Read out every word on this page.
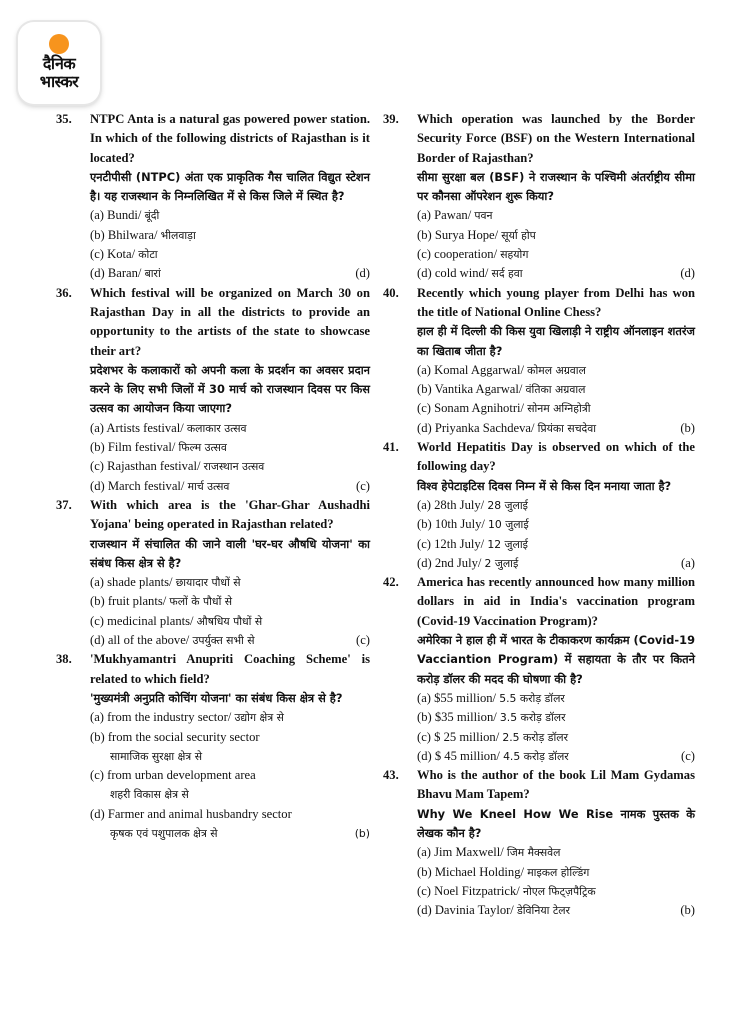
दैनिक
भास्कर
35. NTPC Anta is a natural gas powered power station. In which of the following districts of Rajasthan is it located?
एनटीपीसी (NTPC) अंता एक प्राकृतिक गैस चालित विद्युत स्टेशन है। यह राजस्थान के निम्नलिखित में से किस जिले में स्थित है?
(a) Bundi/ बूंदी
(b) Bhilwara/ भीलवाड़ा
(c) Kota/ कोटा
(d) Baran/ बारां	(d)
36. Which festival will be organized on March 30 on Rajasthan Day in all the districts to provide an opportunity to the artists of the state to showcase their art?
प्रदेशभर के कलाकारों को अपनी कला के प्रदर्शन का अवसर प्रदान करने के लिए सभी जिलों में 30 मार्च को राजस्थान दिवस पर किस उत्सव का आयोजन किया जाएगा?
(a) Artists festival/ कलाकार उत्सव
(b) Film festival/ फिल्म उत्सव
(c) Rajasthan festival/ राजस्थान उत्सव
(d) March festival/ मार्च उत्सव	(c)
37. With which area is the 'Ghar-Ghar Aushadhi Yojana' being operated in Rajasthan related?
राजस्थान में संचालित की जाने वाली 'घर-घर औषधि योजना' का संबंध किस क्षेत्र से है?
(a) shade plants/ छायादार पौधों से
(b) fruit plants/ फलों के पौधों से
(c) medicinal plants/ औषधिय पौधों से
(d) all of the above/ उपर्युक्त सभी से	(c)
38. 'Mukhyamantri Anupriti Coaching Scheme' is related to which field?
'मुख्यमंत्री अनुप्रति कोचिंग योजना' का संबंध किस क्षेत्र से है?
(a) from the industry sector/ उद्योग क्षेत्र से
(b) from the social security sector
सामाजिक सुरक्षा क्षेत्र से
(c) from urban development area
शहरी विकास क्षेत्र से
(d) Farmer and animal husbandry sector
कृषक एवं पशुपालक क्षेत्र से	(b)
39. Which operation was launched by the Border Security Force (BSF) on the Western International Border of Rajasthan?
सीमा सुरक्षा बल (BSF) ने राजस्थान के पश्चिमी अंतर्राष्ट्रीय सीमा पर कौनसा ऑपरेशन शुरू किया?
(a) Pawan/ पवन
(b) Surya Hope/ सूर्या होप
(c) cooperation/ सहयोग
(d) cold wind/ सर्द हवा	(d)
40. Recently which young player from Delhi has won the title of National Online Chess?
हाल ही में दिल्ली की किस युवा खिलाड़ी ने राष्ट्रीय ऑनलाइन शतरंज का खिताब जीता है?
(a) Komal Aggarwal/ कोमल अग्रवाल
(b) Vantika Agarwal/ वंतिका अग्रवाल
(c) Sonam Agnihotri/ सोनम अग्निहोत्री
(d) Priyanka Sachdeva/ प्रियंका सचदेवा	(b)
41. World Hepatitis Day is observed on which of the following day?
विश्व हेपेटाइटिस दिवस निम्न में से किस दिन मनाया जाता है?
(a) 28th July/ 28 जुलाई
(b) 10th July/ 10 जुलाई
(c) 12th July/ 12 जुलाई
(d) 2nd July/ 2 जुलाई	(a)
42. America has recently announced how many million dollars in aid in India's vaccination program (Covid-19 Vaccination Program)?
अमेरिका ने हाल ही में भारत के टीकाकरण कार्यक्रम (Covid-19 Vacciantion Program) में सहायता के तौर पर कितने करोड़ डॉलर की मदद की घोषणा की है?
(a) $55 million/ 5.5 करोड़ डॉलर
(b) $35 million/ 3.5 करोड़ डॉलर
(c) $ 25 million/ 2.5 करोड़ डॉलर
(d) $ 45 million/ 4.5 करोड़ डॉलर	(c)
43. Who is the author of the book Lil Mam Gydamas Bhavu Mam Tapem?
Why We Kneel How We Rise नामक पुस्तक के लेखक कौन है?
(a) Jim Maxwell/ जिम मैक्सवेल
(b) Michael Holding/ माइकल होल्डिंग
(c) Noel Fitzpatrick/ नोएल फिट्ज़पैट्रिक
(d) Davinia Taylor/ डेविनिया टेलर	(b)
